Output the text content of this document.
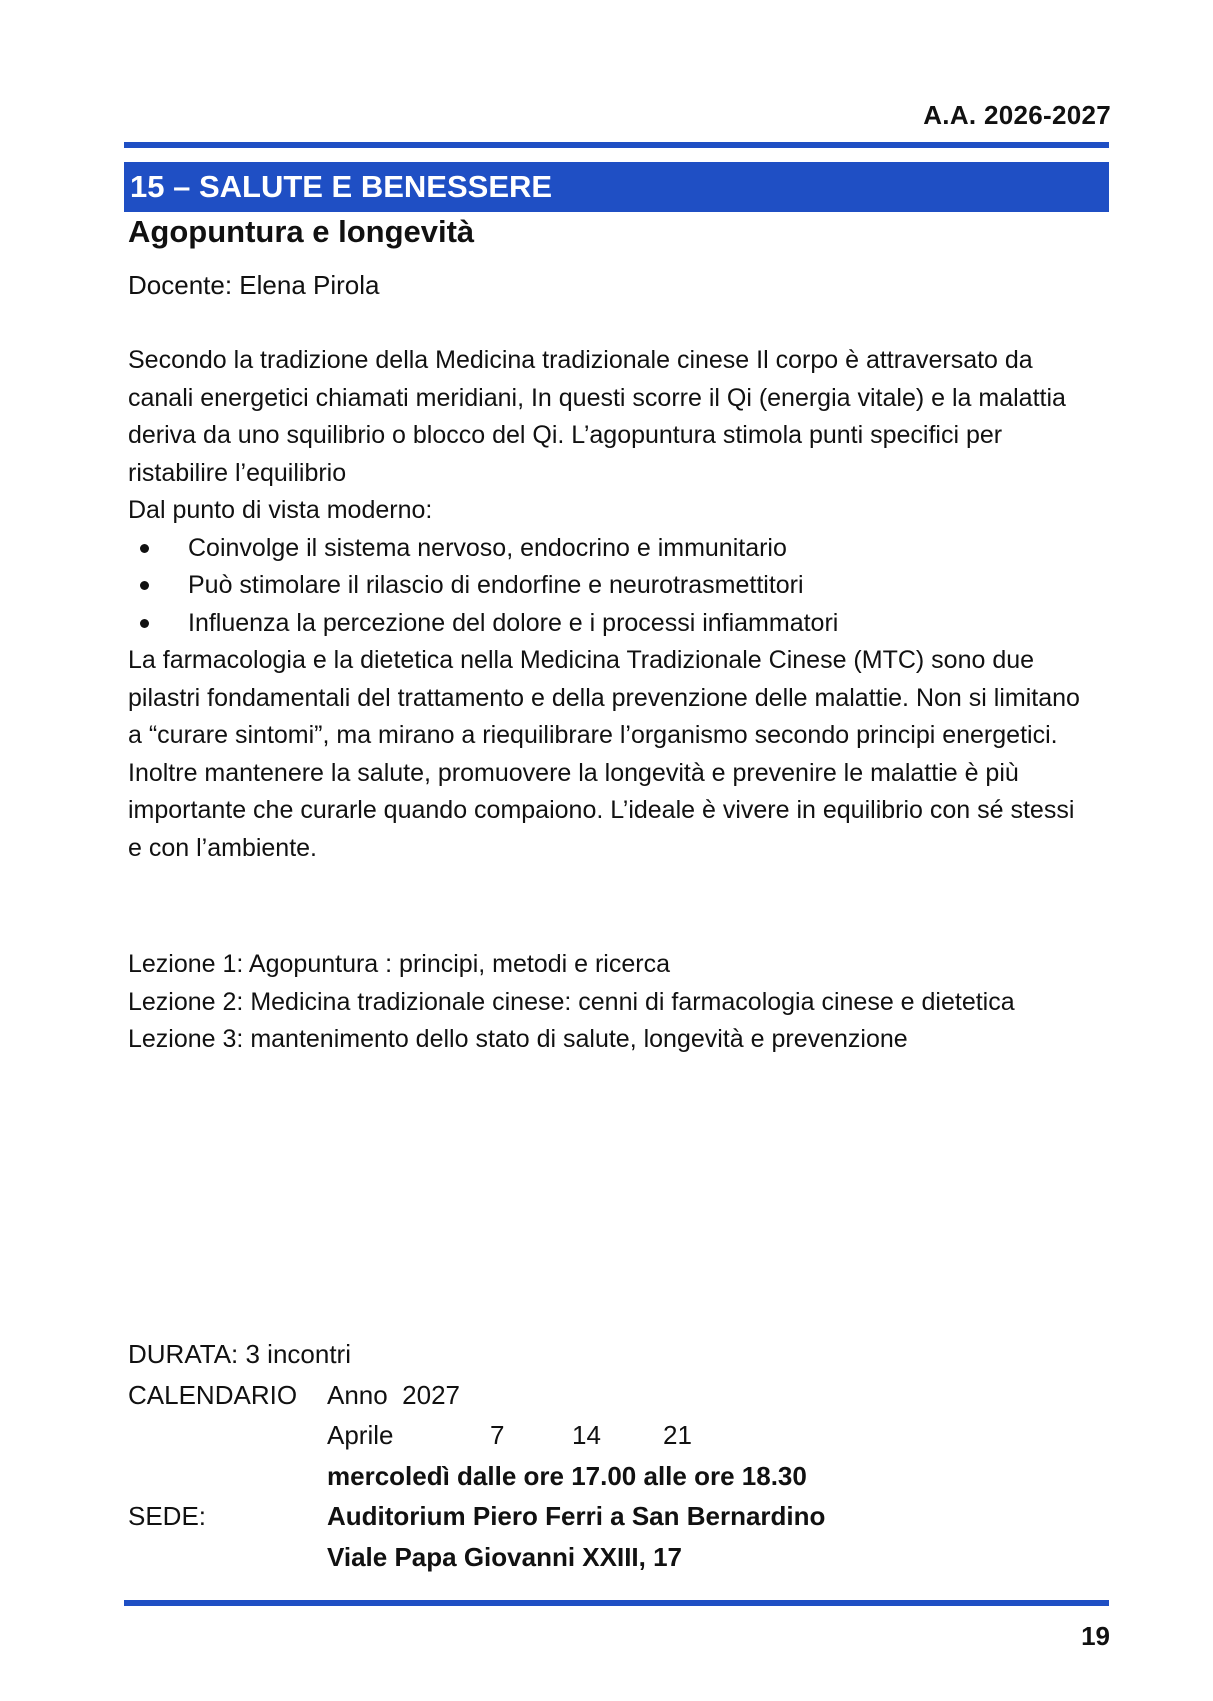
A.A. 2026-2027
15 – SALUTE E BENESSERE
Agopuntura e longevità
Docente: Elena Pirola

Secondo la tradizione della Medicina tradizionale cinese Il corpo è attraversato da canali energetici chiamati meridiani, In questi scorre il Qi (energia vitale) e la malattia deriva da uno squilibrio o blocco del Qi. L’agopuntura stimola punti specifici per ristabilire l’equilibrio

Dal punto di vista moderno:

Coinvolge il sistema nervoso, endocrino e immunitario
Può stimolare il rilascio di endorfine e neurotrasmettitori
Influenza la percezione del dolore e i processi infiammatori

La farmacologia e la dietetica nella Medicina Tradizionale Cinese (MTC) sono due pilastri fondamentali del trattamento e della prevenzione delle malattie. Non si limitano a “curare sintomi”, ma mirano a riequilibrare l’organismo secondo principi energetici.

Inoltre mantenere la salute, promuovere la longevità e prevenire le malattie è più importante che curarle quando compaiono. L’ideale è vivere in equilibrio con sé stessi e con l’ambiente.

Lezione 1: Agopuntura : principi, metodi e ricerca

Lezione 2: Medicina tradizionale cinese: cenni di farmacologia cinese e dietetica

Lezione 3: mantenimento dello stato di salute, longevità e prevenzione

DURATA: 3 incontri
CALENDARIO Anno  2027
Aprile	7	14 21
mercoledì dalle ore 17.00 alle ore 18.30
SEDE:	Auditorium Piero Ferri a San Bernardino
Viale Papa Giovanni XXIII, 17
19
